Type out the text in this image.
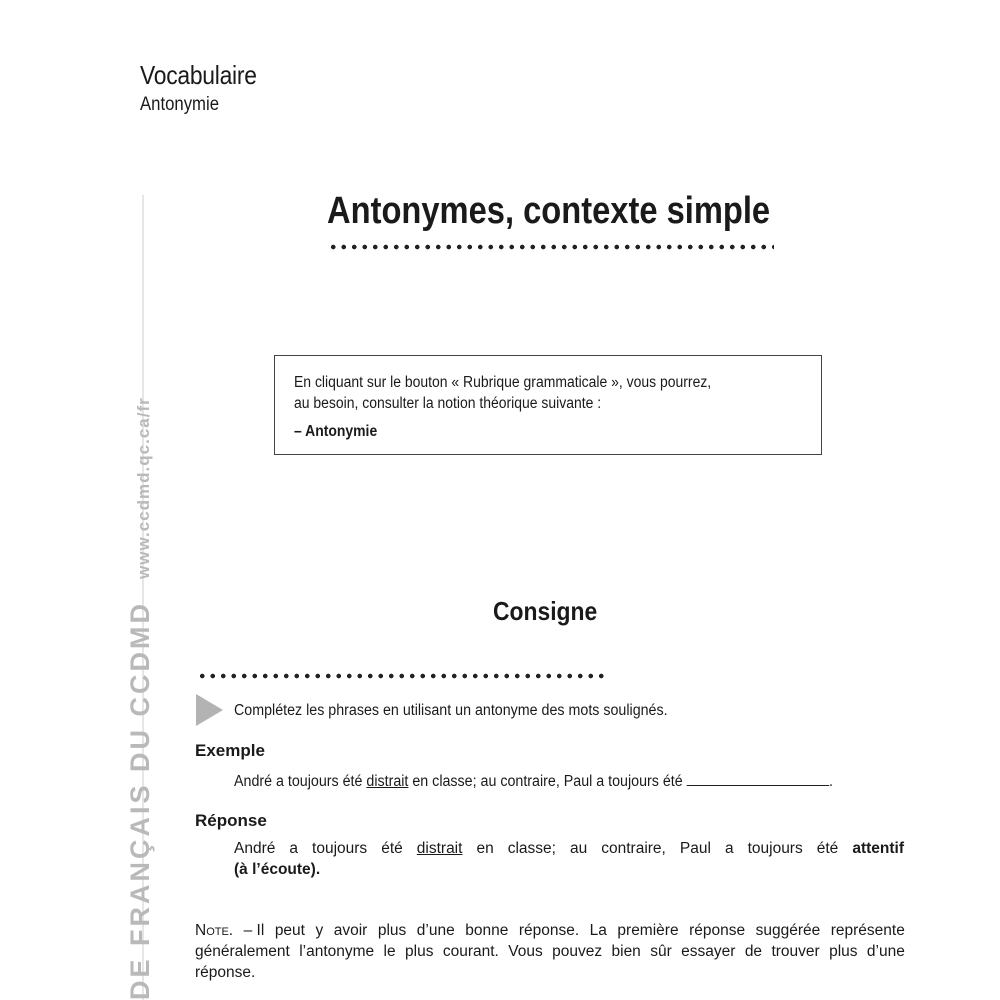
Vocabulaire
Antonymie
DE FRANÇAIS DU CCDMDwww.ccdmd.qc.ca/fr
Antonymes, contexte simple
En cliquant sur le bouton « Rubrique grammaticale », vous pourrez,
au besoin, consulter la notion théorique suivante :
– Antonymie
Consigne
Complétez les phrases en utilisant un antonyme des mots soulignés.
Exemple
André a toujours été distrait en classe; au contraire, Paul a toujours été	.
Réponse
André a toujours été distrait en classe; au contraire, Paul a toujours été attentif
(à l’écoute).
Note. – Il peut y avoir plus d’une bonne réponse. La première réponse suggérée représente
généralement l’antonyme le plus courant. Vous pouvez bien sûr essayer de trouver plus d’une
réponse.
